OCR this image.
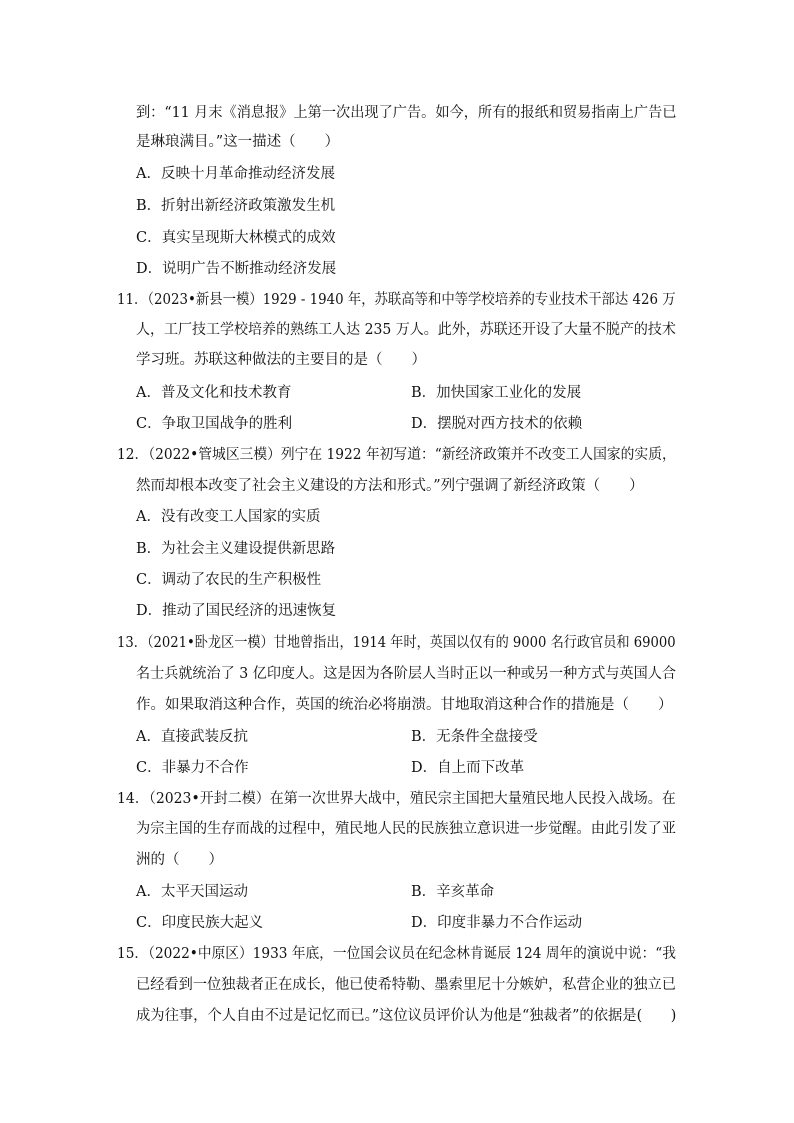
到：“11 月末《消息报》上第一次出现了广告。如今，所有的报纸和贸易指南上广告已
是琳琅满目。”这一描述（　　）
A．反映十月革命推动经济发展
B．折射出新经济政策激发生机
C．真实呈现斯大林模式的成效
D．说明广告不断推动经济发展
11．（2023•新县一模）1929 - 1940 年，苏联高等和中等学校培养的专业技术干部达 426 万
人，工厂技工学校培养的熟练工人达 235 万人。此外，苏联还开设了大量不脱产的技术
学习班。苏联这种做法的主要目的是（　　）
A．普及文化和技术教育	B．加快国家工业化的发展
C．争取卫国战争的胜利	D．摆脱对西方技术的依赖
12．（2022•管城区三模）列宁在 1922 年初写道：“新经济政策并不改变工人国家的实质，
然而却根本改变了社会主义建设的方法和形式。”列宁强调了新经济政策（　　）
A．没有改变工人国家的实质
B．为社会主义建设提供新思路
C．调动了农民的生产积极性
D．推动了国民经济的迅速恢复
13．（2021•卧龙区一模）甘地曾指出，1914 年时，英国以仅有的 9000 名行政官员和 69000
名士兵就统治了 3 亿印度人。这是因为各阶层人当时正以一种或另一种方式与英国人合
作。如果取消这种合作，英国的统治必将崩溃。甘地取消这种合作的措施是（　　）
A．直接武装反抗	B．无条件全盘接受
C．非暴力不合作	D．自上而下改革
14．（2023•开封二模）在第一次世界大战中，殖民宗主国把大量殖民地人民投入战场。在
为宗主国的生存而战的过程中，殖民地人民的民族独立意识进一步觉醒。由此引发了亚
洲的（　　）
A．太平天国运动	B．辛亥革命
C．印度民族大起义	D．印度非暴力不合作运动
15．（2022•中原区）1933 年底，一位国会议员在纪念林肯诞辰 124 周年的演说中说：“我
已经看到一位独裁者正在成长，他已使希特勒、墨索里尼十分嫉妒，私营企业的独立已
成为往事，个人自由不过是记忆而已。”这位议员评价认为他是“独裁者”的依据是(　　)
